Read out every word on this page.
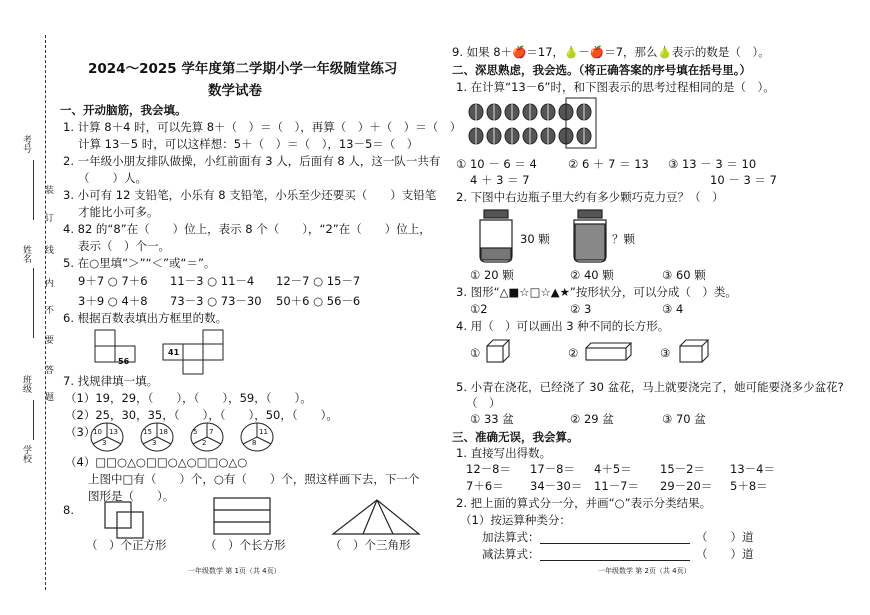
考号
姓名
班级
学校
装
订
线
内
不
要
答
题
2024～2025 学年度第二学期小学一年级随堂练习
数学试卷
一、开动脑筋，我会填。
1. 计算 8＋4 时，可以先算 8＋（　）＝（　），再算（　）＋（　）＝（　）
计算 13－5 时，可以这样想：5＋（　）＝（　），13－5＝（　）
2. 一年级小朋友排队做操，小红前面有 3 人，后面有 8 人，这一队一共有
（　　）人。
3. 小可有 12 支铅笔，小乐有 8 支铅笔，小乐至少还要买（　　）支铅笔
才能比小可多。
4. 82 的“8”在（　　）位上，表示 8 个（　　），“2”在（　　）位上，
表示（　）个一。
5. 在○里填“＞”“＜”或“＝”。
9＋7 ○ 7＋6 11－3 ○ 11－4 12－7 ○ 15－7
3＋9 ○ 4＋8 73－3 ○ 73－30 50＋6 ○ 56－6
6. 根据百数表填出方框里的数。
56
41
7. 找规律填一填。
（1）19，29，（　　），（　　），59，（　　）。
（2）25，30，35，（　　），（　　），50，（　　）。
（3）
10 13
3
15 18
3
5 7
2
11
8
（4）□□○△○□□○△○□□○△○
上图中□有（　　）个，○有（　　）个，照这样画下去，下一个
图形是（　　）。
8.
（　）个正方形	（　）个长方形	（　）个三角形
一年级数学 第 1页（共 4页）
9. 如果 8＋🍎＝17，🍐－🍎＝7，那么🍐表示的数是（　）。
二、深思熟虑，我会选。（将正确答案的序号填在括号里。）
1. 在计算“13－6”时，和下图表示的思考过程相同的是（　）。
① 10 － 6 ＝ 4
4 ＋ 3 ＝ 7
② 6 ＋ 7 ＝ 13 ③ 13 － 3 ＝ 10
10 － 3 ＝ 7
2. 下图中右边瓶子里大约有多少颗巧克力豆？（　）
30 颗	？颗
① 20 颗	② 40 颗	③ 60 颗
3. 图形“△■☆□☆▲★”按形状分，可以分成（　）类。
①2	② 3	③ 4
4. 用（　）可以画出 3 种不同的长方形。
①	②	③
5. 小青在浇花，已经浇了 30 盆花，马上就要浇完了，她可能要浇多少盆花?
（　）
① 33 盆	② 29 盆	③ 70 盆
三、准确无误，我会算。
1. 直接写出得数。
12－8＝ 17－8＝ 4＋5＝ 15－2＝ 13－4＝
7＋6＝ 34－30＝ 11－7＝ 29－20＝ 5＋8＝
2. 把上面的算式分一分，并画“○”表示分类结果。
（1）按运算种类分：
加法算式：	（　　）道
减法算式：	（　　）道
一年级数学 第 2页（共 4页）
